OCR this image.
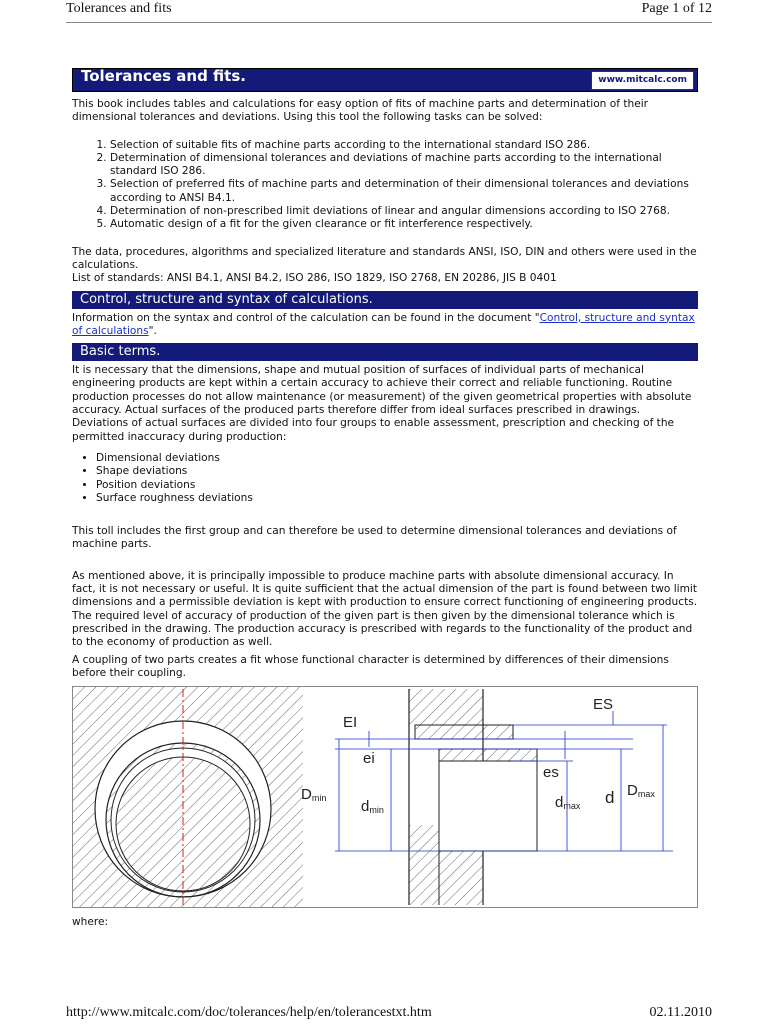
Tolerances and fits	Page 1 of 12
Tolerances and fits.	www.mitcalc.com

This book includes tables and calculations for easy option of fits of machine parts and determination of their dimensional tolerances and deviations. Using this tool the following tasks can be solved:

1. Selection of suitable fits of machine parts according to the international standard ISO 286.
2. Determination of dimensional tolerances and deviations of machine parts according to the international standard ISO 286.
3. Selection of preferred fits of machine parts and determination of their dimensional tolerances and deviations according to ANSI B4.1.
4. Determination of non-prescribed limit deviations of linear and angular dimensions according to ISO 2768.
5. Automatic design of a fit for the given clearance or fit interference respectively.

The data, procedures, algorithms and specialized literature and standards ANSI, ISO, DIN and others were used in the calculations.

List of standards: ANSI B4.1, ANSI B4.2, ISO 286, ISO 1829, ISO 2768, EN 20286, JIS B 0401

Control, structure and syntax of calculations.

Information on the syntax and control of the calculation can be found in the document "Control, structure and syntax of calculations".

Basic terms.

It is necessary that the dimensions, shape and mutual position of surfaces of individual parts of mechanical engineering products are kept within a certain accuracy to achieve their correct and reliable functioning. Routine production processes do not allow maintenance (or measurement) of the given geometrical properties with absolute accuracy. Actual surfaces of the produced parts therefore differ from ideal surfaces prescribed in drawings. Deviations of actual surfaces are divided into four groups to enable assessment, prescription and checking of the permitted inaccuracy during production:

• Dimensional deviations
• Shape deviations
• Position deviations
• Surface roughness deviations

This toll includes the first group and can therefore be used to determine dimensional tolerances and deviations of machine parts.

As mentioned above, it is principally impossible to produce machine parts with absolute dimensional accuracy. In fact, it is not necessary or useful. It is quite sufficient that the actual dimension of the part is found between two limit dimensions and a permissible deviation is kept with production to ensure correct functioning of engineering products. The required level of accuracy of production of the given part is then given by the dimensional tolerance which is prescribed in the drawing. The production accuracy is prescribed with regards to the functionality of the product and to the economy of production as well.

A coupling of two parts creates a fit whose functional character is determined by differences of their dimensions before their coupling.

EI
ES
ei
es
Dmin dmin	dmax d Dmax

where:

http://www.mitcalc.com/doc/tolerances/help/en/tolerancestxt.htm	02.11.2010
